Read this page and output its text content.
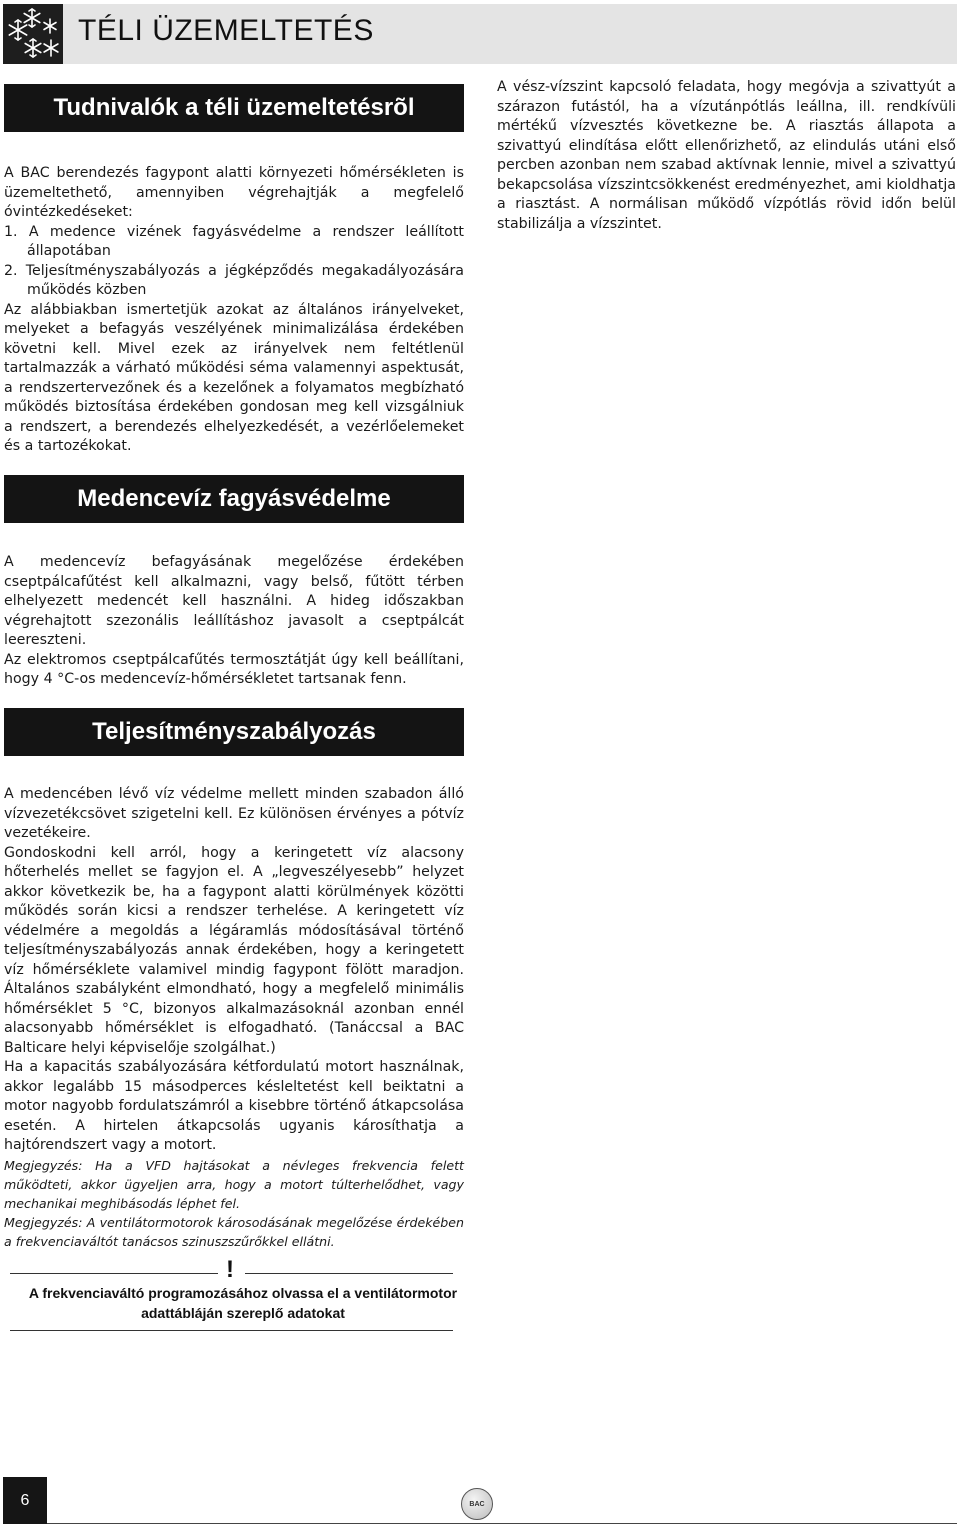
TÉLI ÜZEMELTETÉS
Tudnivalók a téli üzemeltetésrõl

A BAC berendezés fagypont alatti környezeti hőmérsékleten is üzemeltethető, amennyiben végrehajtják a megfelelő óvintézkedéseket:

1. A medence vizének fagyásvédelme a rendszer leállított állapotában

2. Teljesítményszabályozás a jégképződés megakadályozására működés közben

Az alábbiakban ismertetjük azokat az általános irányelveket, melyeket a befagyás veszélyének minimalizálása érdekében követni kell. Mivel ezek az irányelvek nem feltétlenül tartalmazzák a várható működési séma valamennyi aspektusát, a rendszertervezőnek és a kezelőnek a folyamatos megbízható működés biztosítása érdekében gondosan meg kell vizsgálniuk a rendszert, a berendezés elhelyezkedését, a vezérlőelemeket és a tartozékokat.

Medencevíz fagyásvédelme

A medencevíz befagyásának megelőzése érdekében cseptpálcafűtést kell alkalmazni, vagy belső, fűtött térben elhelyezett medencét kell használni. A hideg időszakban végrehajtott szezonális leállításhoz javasolt a cseptpálcát leereszteni.

Az elektromos cseptpálcafűtés termosztátját úgy kell beállítani, hogy 4 °C-os medencevíz-hőmérsékletet tartsanak fenn.

Teljesítményszabályozás

A medencében lévő víz védelme mellett minden szabadon álló vízvezetékcsövet szigetelni kell. Ez különösen érvényes a pótvíz vezetékeire.

Gondoskodni kell arról, hogy a keringetett víz alacsony hőterhelés mellet se fagyjon el. A „legveszélyesebb” helyzet akkor következik be, ha a fagypont alatti körülmények közötti működés során kicsi a rendszer terhelése. A keringetett víz védelmére a megoldás a légáramlás módosításával történő teljesítményszabályozás annak érdekében, hogy a keringetett víz hőmérséklete valamivel mindig fagypont fölött maradjon. Általános szabályként elmondható, hogy a megfelelő minimális hőmérséklet 5 °C, bizonyos alkalmazásoknál azonban ennél alacsonyabb hőmérséklet is elfogadható. (Tanáccsal a BAC Balticare helyi képviselője szolgálhat.)

Ha a kapacitás szabályozására kétfordulatú motort használnak, akkor legalább 15 másodperces késleltetést kell beiktatni a motor nagyobb fordulatszámról a kisebbre történő átkapcsolása esetén. A hirtelen átkapcsolás ugyanis károsíthatja a hajtórendszert vagy a motort.

Megjegyzés: Ha a VFD hajtásokat a névleges frekvencia felett működteti, akkor ügyeljen arra, hogy a motort túlterhelődhet, vagy mechanikai meghibásodás léphet fel.

Megjegyzés: A ventilátormotorok károsodásának megelőzése érdekében a frekvenciaváltót tanácsos szinuszszűrőkkel ellátni.

!
A frekvenciaváltó programozásához olvassa el a ventilátormotor adattábláján szereplő adatokat

A vész-vízszint kapcsoló feladata, hogy megóvja a szivattyút a szárazon futástól, ha a vízutánpótlás leállna, ill. rendkívüli mértékű vízvesztés következne be. A riasztás állapota a szivattyú elindítása előtt ellenőrizhető, az elindulás utáni első percben azonban nem szabad aktívnak lennie, mivel a szivattyú bekapcsolása vízszintcsökkenést eredményezhet, ami kioldhatja a riasztást. A normálisan működő vízpótlás rövid időn belül stabilizálja a vízszintet.

6	BAC
